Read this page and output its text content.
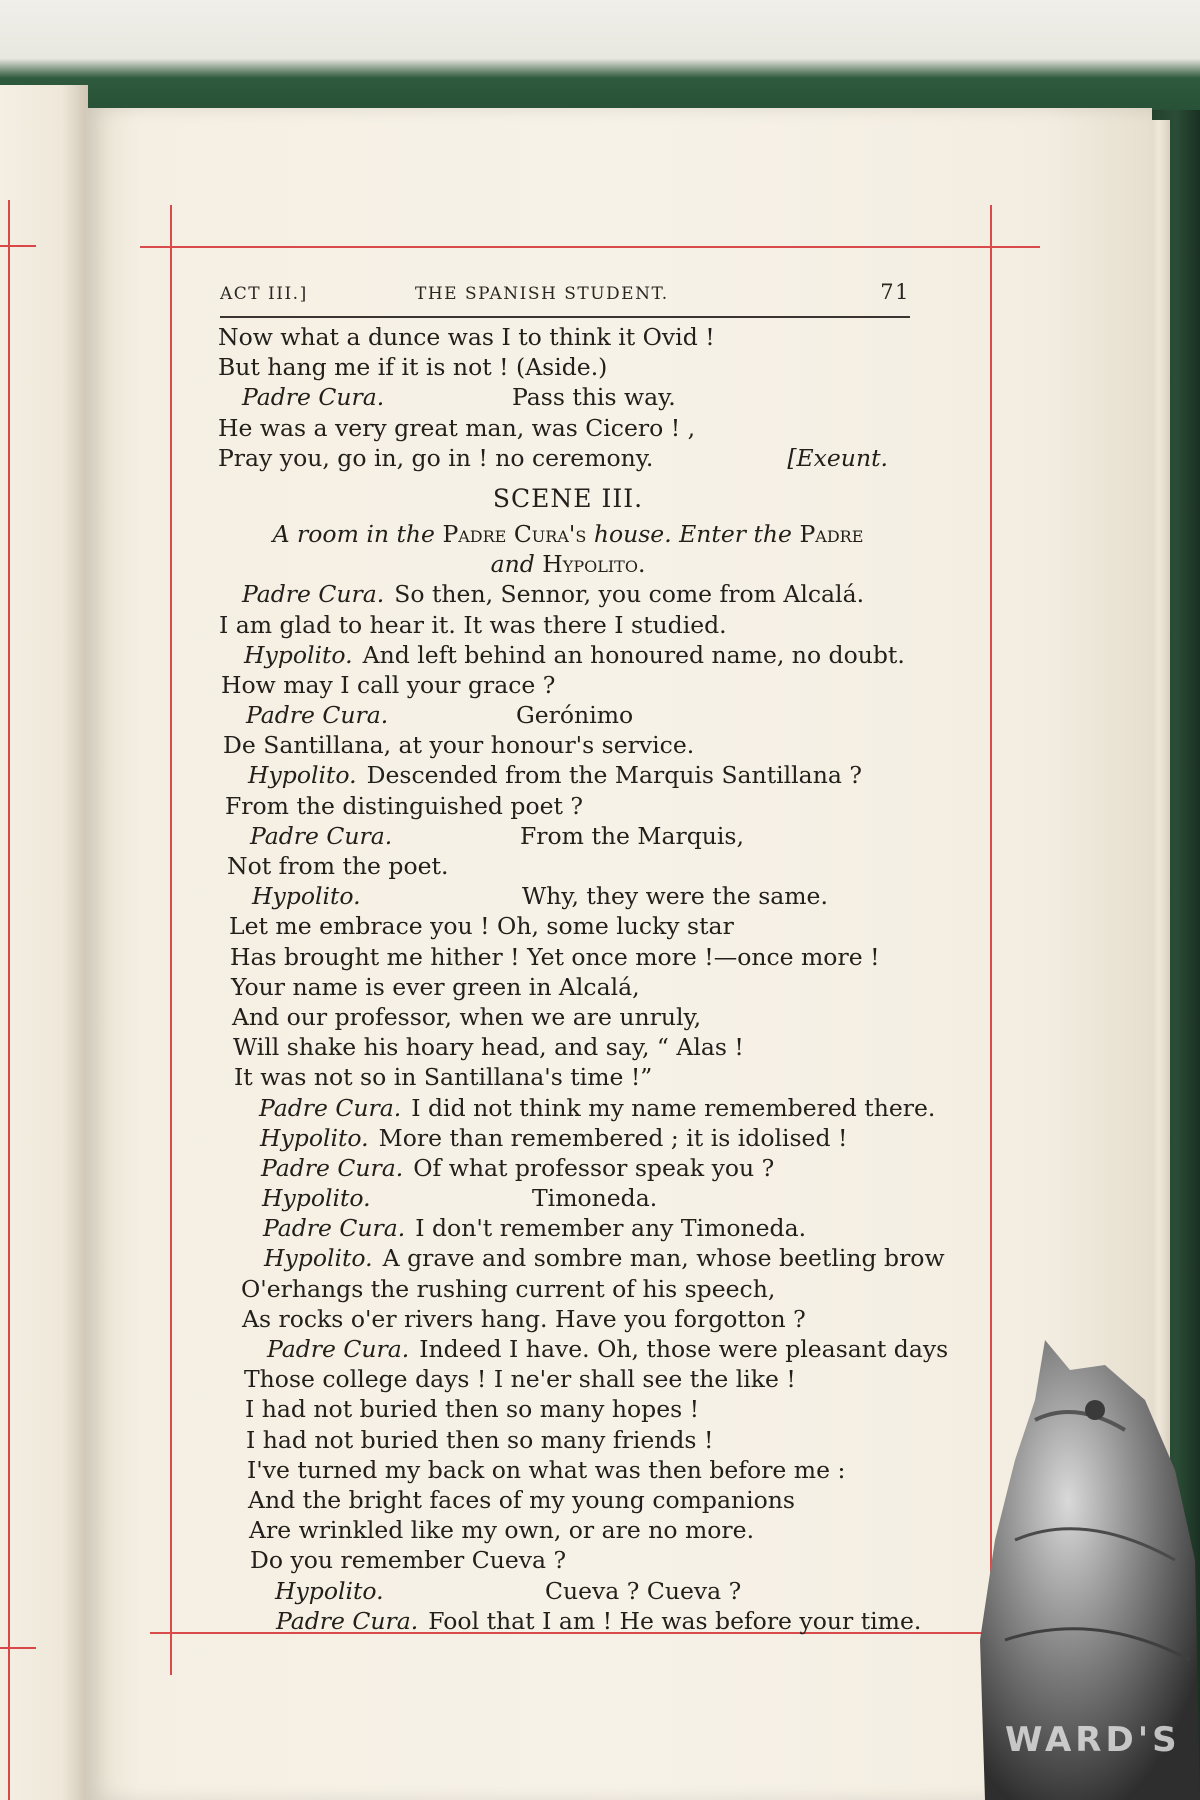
ACT III.]	THE SPANISH STUDENT.	71
Now what a dunce was I to think it Ovid !
But hang me if it is not ! (Aside.)
Padre Cura.	Pass this way.
He was a very great man, was Cicero ! ,
Pray you, go in, go in ! no ceremony.	[Exeunt.
SCENE III.
A room in the Padre Cura's house. Enter the Padre
and Hypolito.
Padre Cura. So then, Sennor, you come from Alcalá.
I am glad to hear it. It was there I studied.
Hypolito. And left behind an honoured name, no doubt.
How may I call your grace ?
Padre Cura.	Gerónimo
De Santillana, at your honour's service.
Hypolito. Descended from the Marquis Santillana ?
From the distinguished poet ?
Padre Cura.	From the Marquis,
Not from the poet.
Hypolito.	Why, they were the same.
Let me embrace you ! Oh, some lucky star
Has brought me hither ! Yet once more !—once more !
Your name is ever green in Alcalá,
And our professor, when we are unruly,
Will shake his hoary head, and say, “ Alas !
It was not so in Santillana's time !”
Padre Cura. I did not think my name remembered there.
Hypolito. More than remembered ; it is idolised !
Padre Cura. Of what professor speak you ?
Hypolito.	Timoneda.
Padre Cura. I don't remember any Timoneda.
Hypolito. A grave and sombre man, whose beetling brow
O'erhangs the rushing current of his speech,
As rocks o'er rivers hang. Have you forgotton ?
Padre Cura. Indeed I have. Oh, those were pleasant days
Those college days ! I ne'er shall see the like !
I had not buried then so many hopes !
I had not buried then so many friends !
I've turned my back on what was then before me :
And the bright faces of my young companions
Are wrinkled like my own, or are no more.
Do you remember Cueva ?
Hypolito.	Cueva ? Cueva ?
Padre Cura. Fool that I am ! He was before your time.
WARD'S
